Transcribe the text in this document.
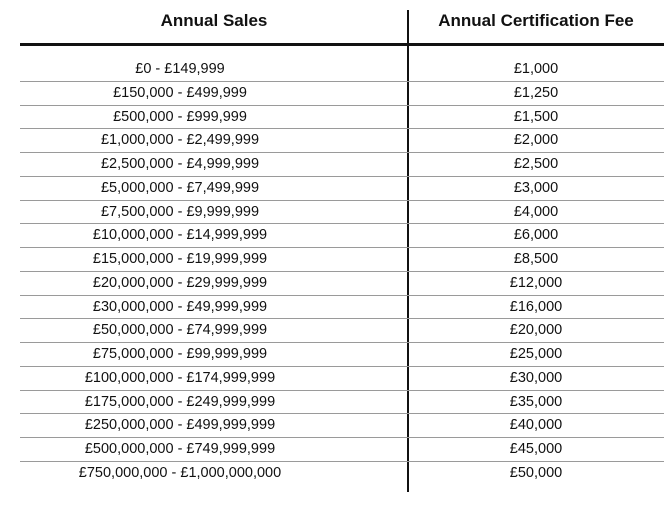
Annual Sales	Annual Certification Fee
£0 - £149,999	£1,000
£150,000 - £499,999	£1,250
£500,000 - £999,999	£1,500
£1,000,000 - £2,499,999	£2,000
£2,500,000 - £4,999,999	£2,500
£5,000,000 - £7,499,999	£3,000
£7,500,000 - £9,999,999	£4,000
£10,000,000 - £14,999,999	£6,000
£15,000,000 - £19,999,999	£8,500
£20,000,000 - £29,999,999	£12,000
£30,000,000 - £49,999,999	£16,000
£50,000,000 - £74,999,999	£20,000
£75,000,000 - £99,999,999	£25,000
£100,000,000 - £174,999,999	£30,000
£175,000,000 - £249,999,999	£35,000
£250,000,000 - £499,999,999	£40,000
£500,000,000 - £749,999,999	£45,000
£750,000,000 - £1,000,000,000	£50,000
